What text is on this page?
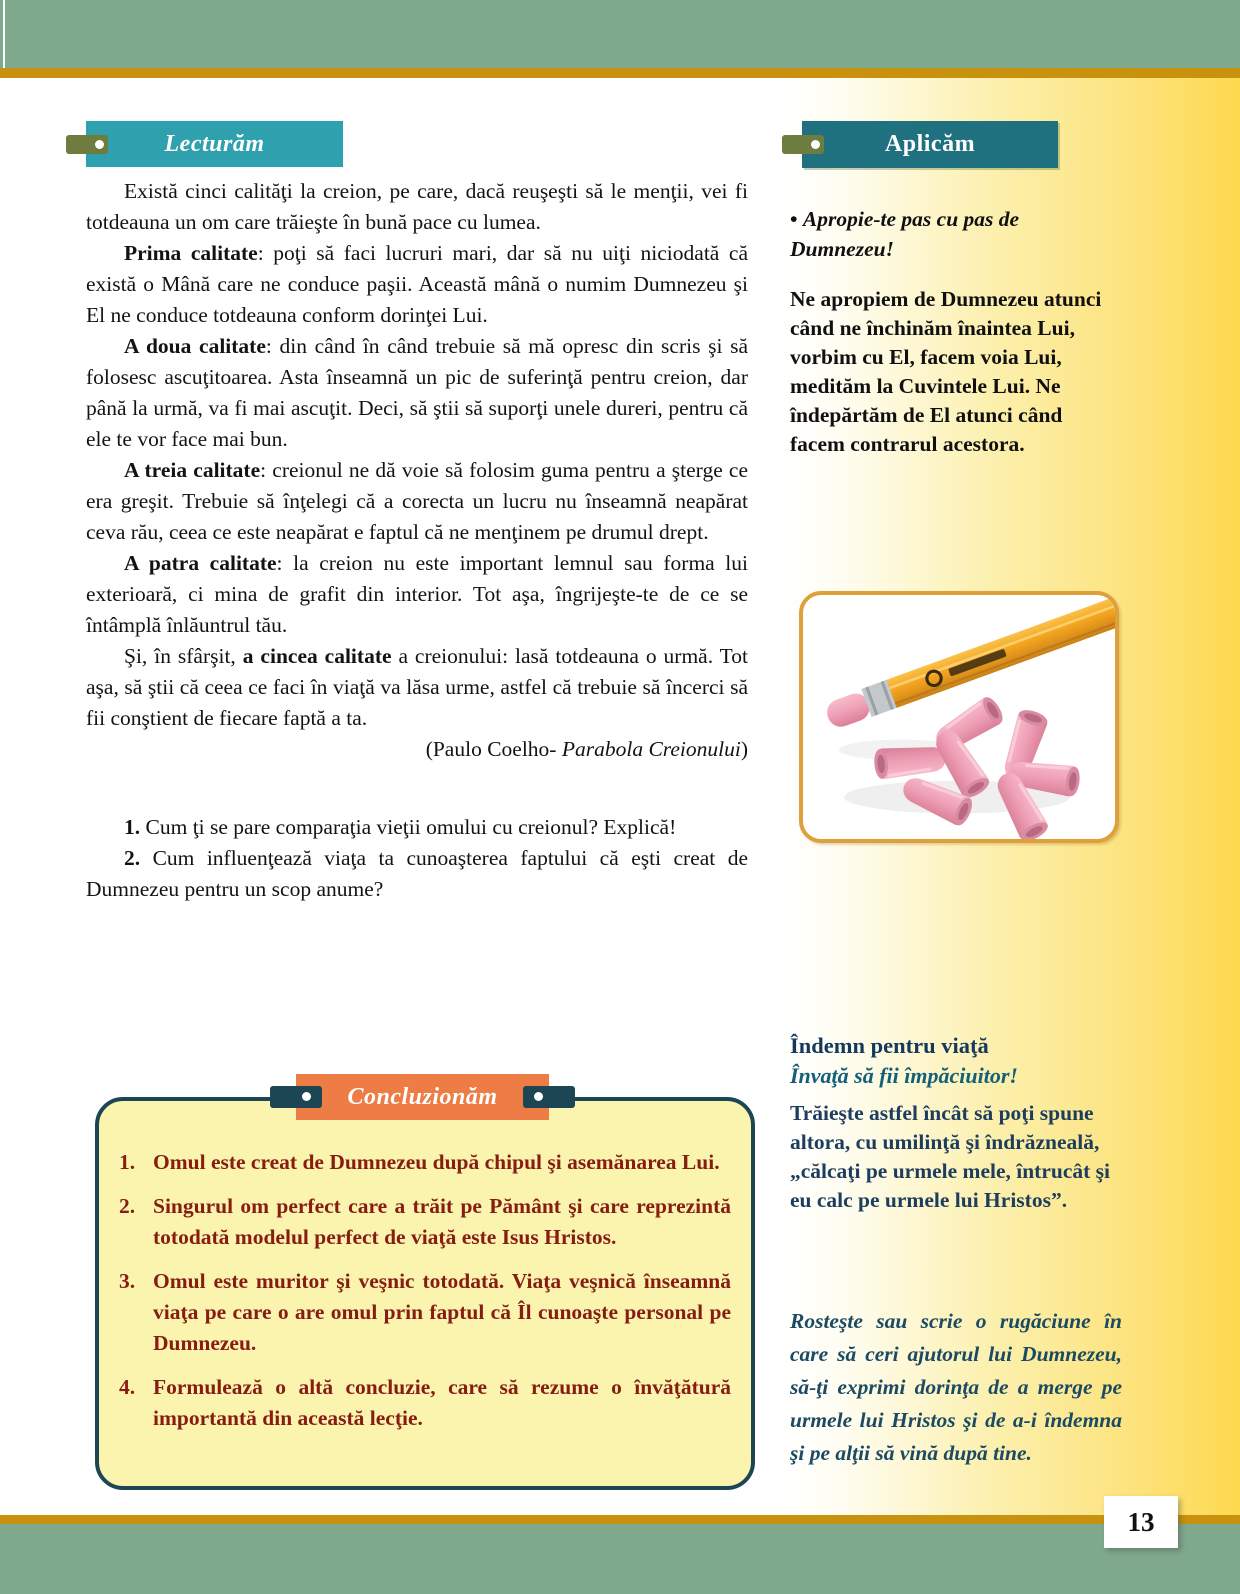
Lecturăm	Aplicăm

Există cinci calităţi la creion, pe care, dacă reuşeşti să le menţii, vei fi totdeauna un om care trăieşte în bună pace cu lumea.

Prima calitate: poţi să faci lucruri mari, dar să nu uiţi niciodată că există o Mână care ne conduce paşii. Această mână o numim Dumnezeu şi El ne conduce totdeauna conform dorinţei Lui.

A doua calitate: din când în când trebuie să mă opresc din scris şi să folosesc ascuţitoarea. Asta înseamnă un pic de suferinţă pentru creion, dar până la urmă, va fi mai ascuţit. Deci, să ştii să suporţi unele dureri, pentru că ele te vor face mai bun.

A treia calitate: creionul ne dă voie să folosim guma pentru a şterge ce era greşit. Trebuie să înţelegi că a corecta un lucru nu înseamnă neapărat ceva rău, ceea ce este neapărat e faptul că ne menţinem pe drumul drept.

A patra calitate: la creion nu este important lemnul sau forma lui exterioară, ci mina de grafit din interior. Tot aşa, îngrijeşte-te de ce se întâmplă înlăuntrul tău.

Şi, în sfârşit, a cincea calitate a creionului: lasă totdeauna o urmă. Tot aşa, să ştii că ceea ce faci în viaţă va lăsa urme, astfel că trebuie să încerci să fii conştient de fiecare faptă a ta.

(Paulo Coelho- Parabola Creionului)

1. Cum ţi se pare comparaţia vieţii omului cu creionul? Explică!

2. Cum influenţează viaţa ta cunoaşterea faptului că eşti creat de Dumnezeu pentru un scop anume?

• Apropie-te pas cu pas de Dumnezeu!

Ne apropiem de Dumnezeu atunci când ne închinăm înaintea Lui, vorbim cu El, facem voia Lui, medităm la Cuvintele Lui. Ne îndepărtăm de El atunci când facem contrarul acestora.

Îndemn pentru viaţă

Învaţă să fii împăciuitor!

Trăieşte astfel încât să poţi spune altora, cu umilinţă şi îndrăzneală, „călcaţi pe urmele mele, întrucât şi eu calc pe urmele lui Hristos”.

Rosteşte sau scrie o rugăciune în care să ceri ajutorul lui Dumnezeu, să-ţi exprimi dorinţa de a merge pe urmele lui Hristos şi de a-i îndemna şi pe alţii să vină după tine.

1. Omul este creat de Dumnezeu după chipul şi asemănarea Lui.
2. Singurul om perfect care a trăit pe Pământ şi care reprezintă totodată modelul perfect de viaţă este Isus Hristos.
3. Omul este muritor şi veşnic totodată. Viaţa veşnică înseamnă viaţa pe care o are omul prin faptul că Îl cunoaşte personal pe Dumnezeu.
4. Formulează o altă concluzie, care să rezume o învăţătură importantă din această lecţie.
Concluzionăm
13
